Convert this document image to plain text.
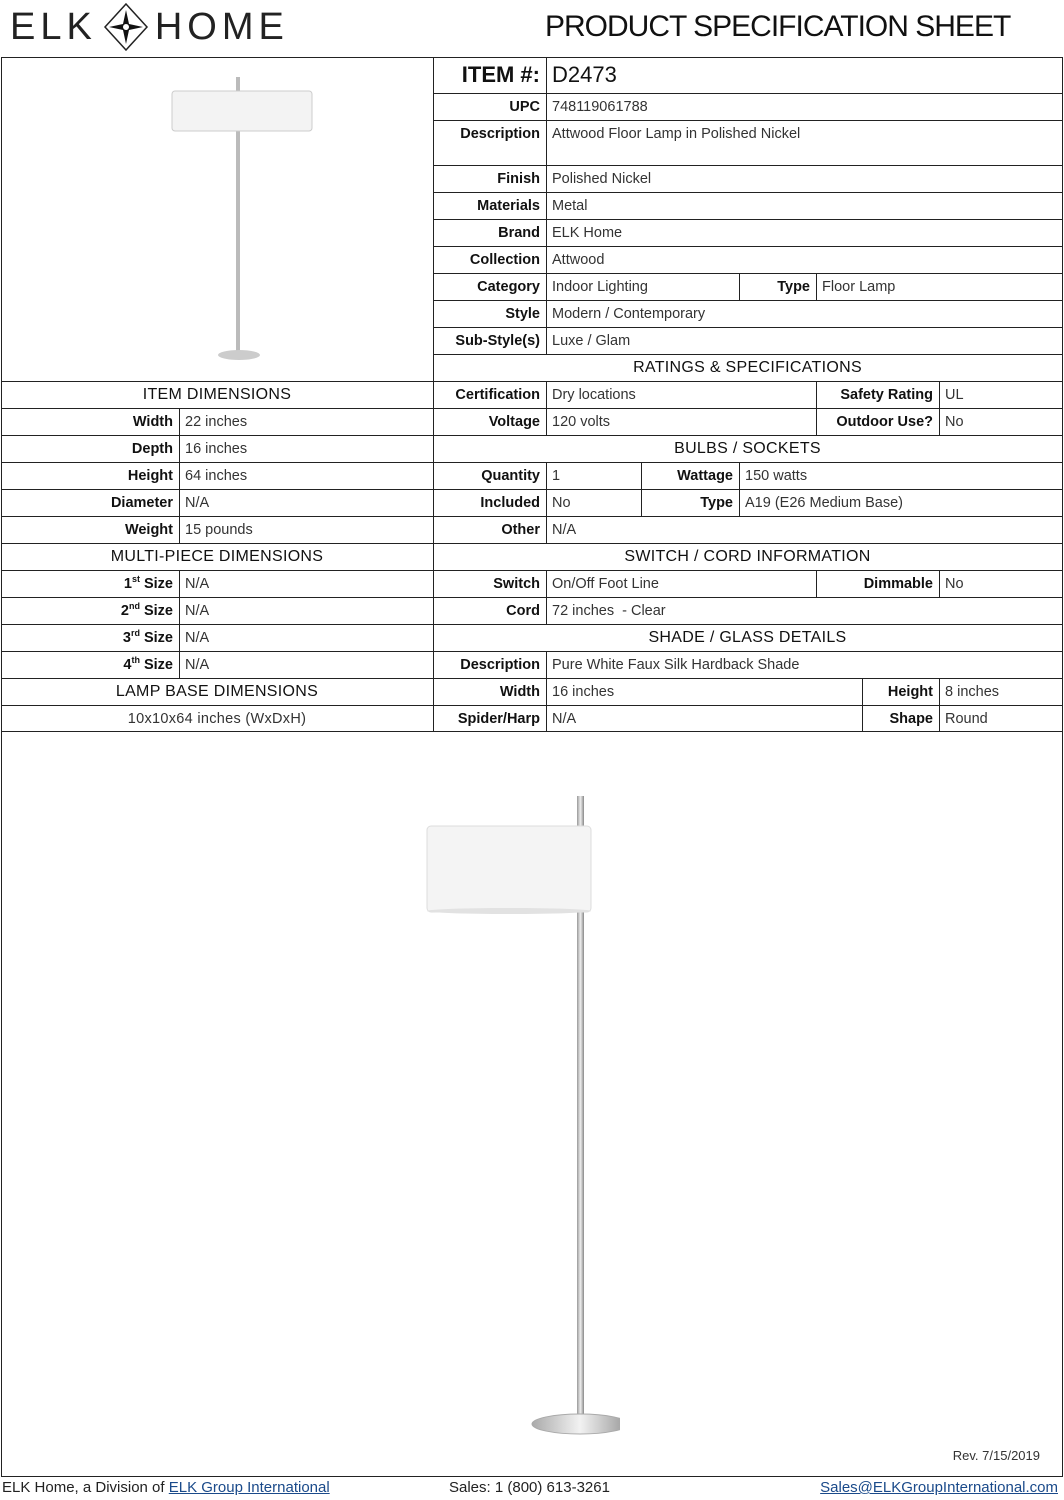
ELK HOME	PRODUCT SPECIFICATION SHEET
ITEM #: D2473
UPC 748119061788
Description Attwood Floor Lamp in Polished Nickel
Finish Polished Nickel
Materials Metal
Brand ELK Home
Collection Attwood
Category Indoor Lighting	Type Floor Lamp
Style Modern / Contemporary
Sub-Style(s) Luxe / Glam
RATINGS & SPECIFICATIONS
Certification Dry locations	Safety Rating UL
Voltage 120 volts	Outdoor Use? No
BULBS / SOCKETS
Quantity 1	Wattage 150 watts
Included No	Type A19 (E26 Medium Base)
Other N/A
SWITCH / CORD INFORMATION
Switch On/Off Foot Line	Dimmable No
Cord 72 inches  - Clear
SHADE / GLASS DETAILS
Description Pure White Faux Silk Hardback Shade
Width 16 inches	Height 8 inches
Spider/Harp N/A	Shape Round
ITEM DIMENSIONS
Width 22 inches
Depth 16 inches
Height 64 inches
Diameter N/A
Weight 15 pounds
MULTI-PIECE DIMENSIONS
1st Size N/A
2nd Size N/A
3rd Size N/A
4th Size N/A
LAMP BASE DIMENSIONS
10x10x64 inches (WxDxH)
Rev. 7/15/2019
ELK Home, a Division of ELK Group International	Sales: 1 (800) 613-3261	Sales@ELKGroupInternational.com
